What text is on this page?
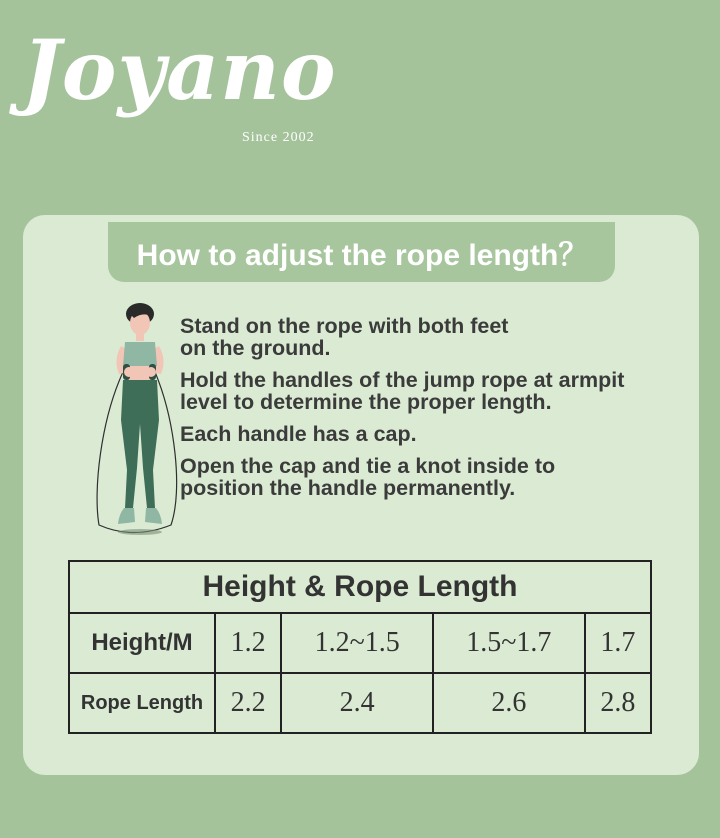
Joyano
Since 2002
How to adjust the rope length？

Stand on the rope with both feet
on the ground.

Hold the handles of the jump rope at armpit
level to determine the proper length.

Each handle has a cap.

Open the cap and tie a knot inside to
position the handle permanently.

Height & Rope Length
Height/M	1.2	1.2~1.5	1.5~1.7	1.7
Rope Length	2.2	2.4	2.6	2.8
